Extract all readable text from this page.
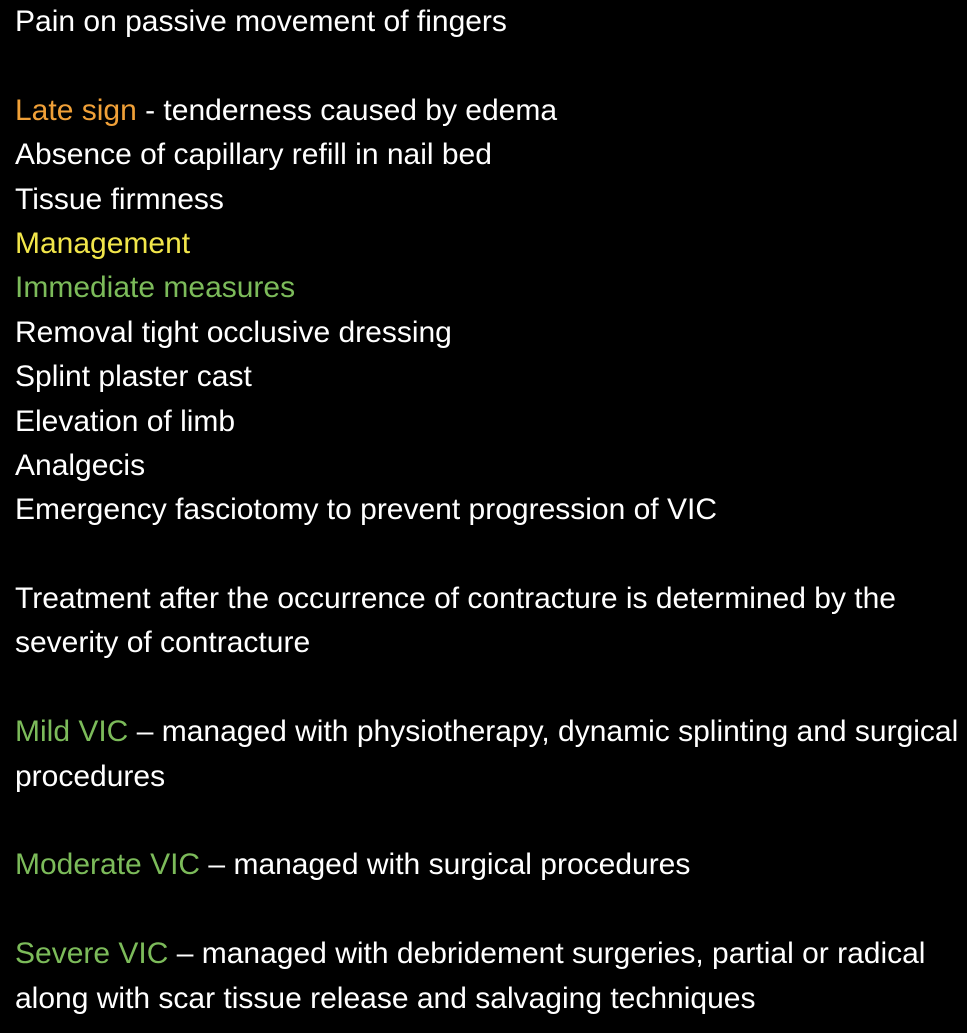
Pain on passive movement of fingers
Late sign - tenderness caused by edema
Absence of capillary refill in nail bed
Tissue firmness
Management
Immediate measures
Removal tight occlusive dressing
Splint plaster cast
Elevation of limb
Analgecis
Emergency fasciotomy to prevent progression of VIC
Treatment after the occurrence of contracture is determined by the severity of contracture
Mild VIC – managed with physiotherapy, dynamic splinting and surgical procedures
Moderate VIC – managed with surgical procedures
Severe VIC – managed with debridement surgeries, partial or radical along with scar tissue release and salvaging techniques
